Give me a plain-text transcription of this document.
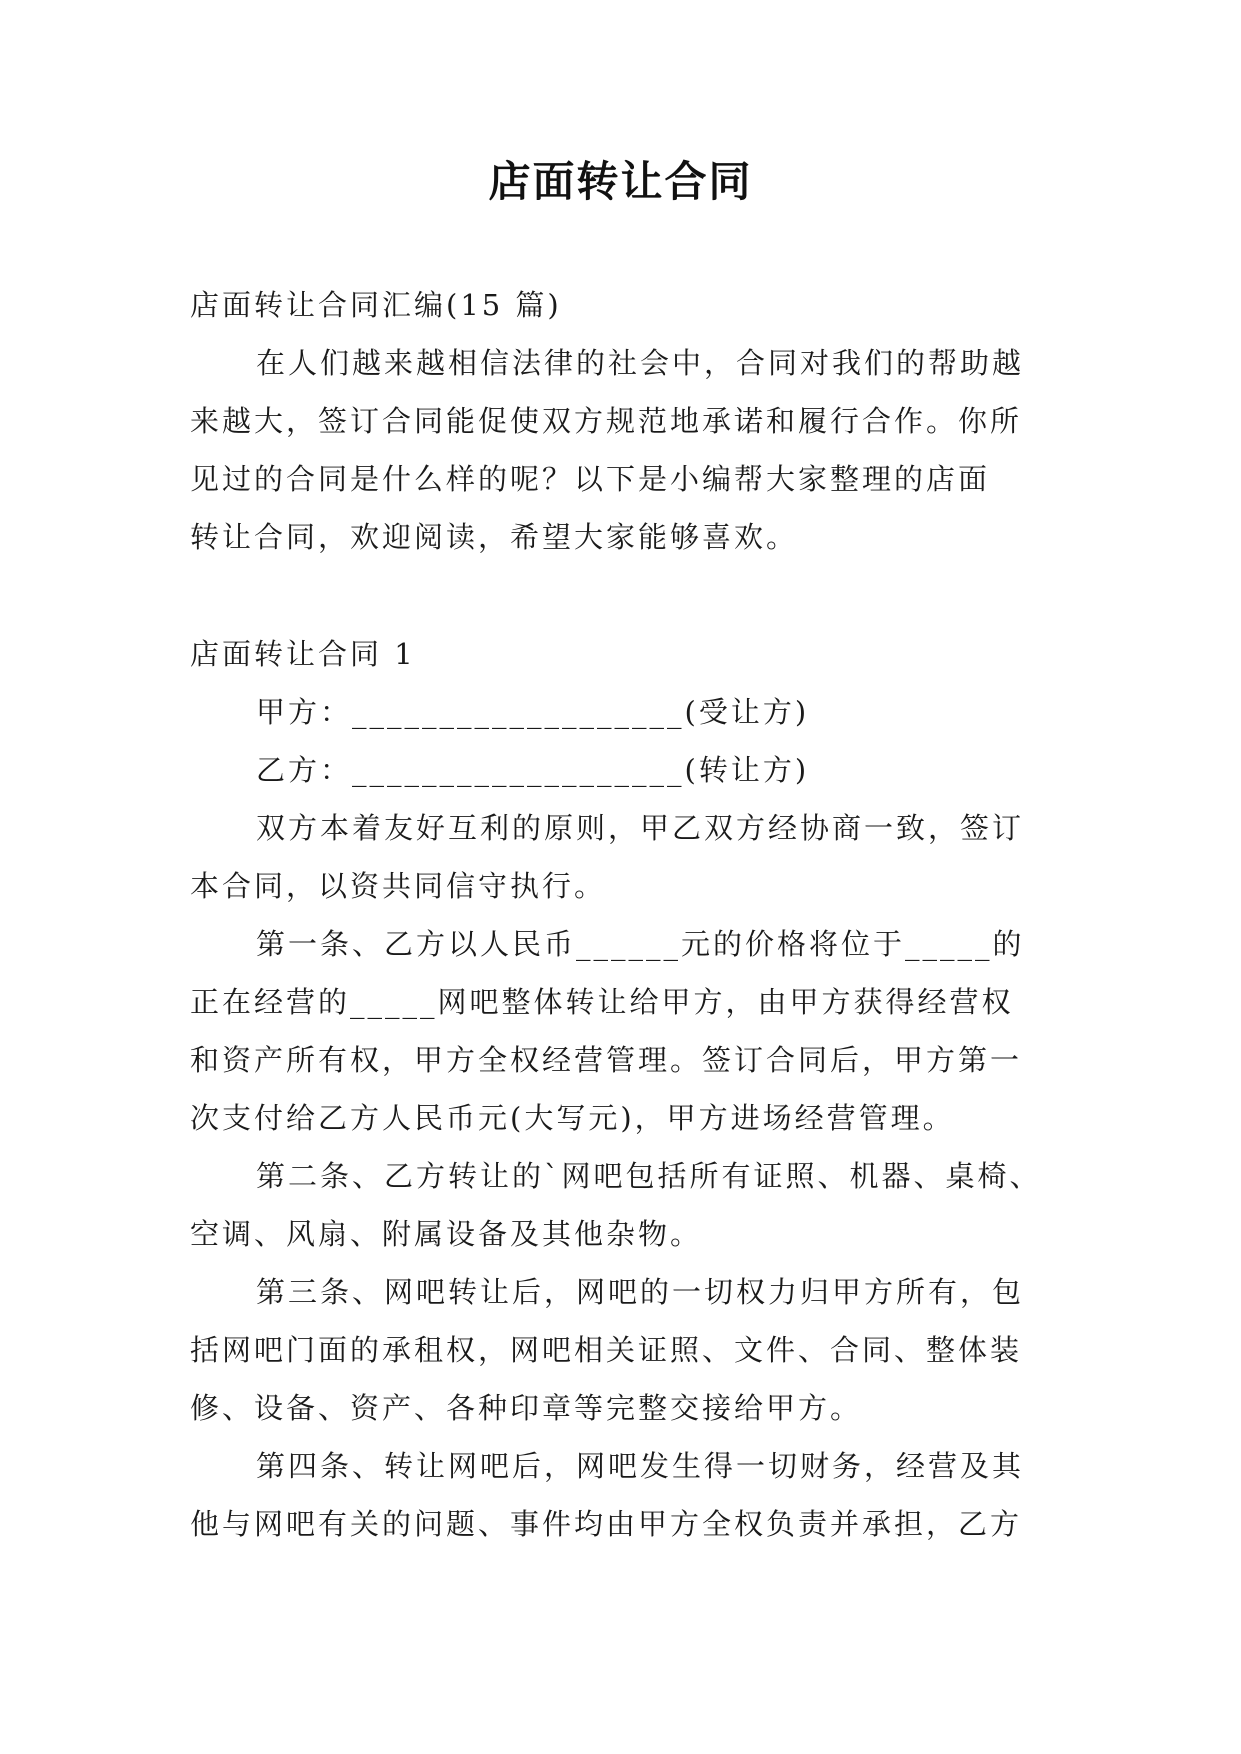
店面转让合同

店面转让合同汇编(15 篇)

在人们越来越相信法律的社会中，合同对我们的帮助越

来越大，签订合同能促使双方规范地承诺和履行合作。你所

见过的合同是什么样的呢？以下是小编帮大家整理的店面

转让合同，欢迎阅读，希望大家能够喜欢。

店面转让合同 1

甲方：___________________(受让方)

乙方：___________________(转让方)

双方本着友好互利的原则，甲乙双方经协商一致，签订

本合同，以资共同信守执行。

第一条、乙方以人民币______元的价格将位于_____的

正在经营的_____网吧整体转让给甲方，由甲方获得经营权

和资产所有权，甲方全权经营管理。签订合同后，甲方第一

次支付给乙方人民币元(大写元)，甲方进场经营管理。

第二条、乙方转让的`网吧包括所有证照、机器、桌椅、

空调、风扇、附属设备及其他杂物。

第三条、网吧转让后，网吧的一切权力归甲方所有，包

括网吧门面的承租权，网吧相关证照、文件、合同、整体装

修、设备、资产、各种印章等完整交接给甲方。

第四条、转让网吧后，网吧发生得一切财务，经营及其

他与网吧有关的问题、事件均由甲方全权负责并承担，乙方
